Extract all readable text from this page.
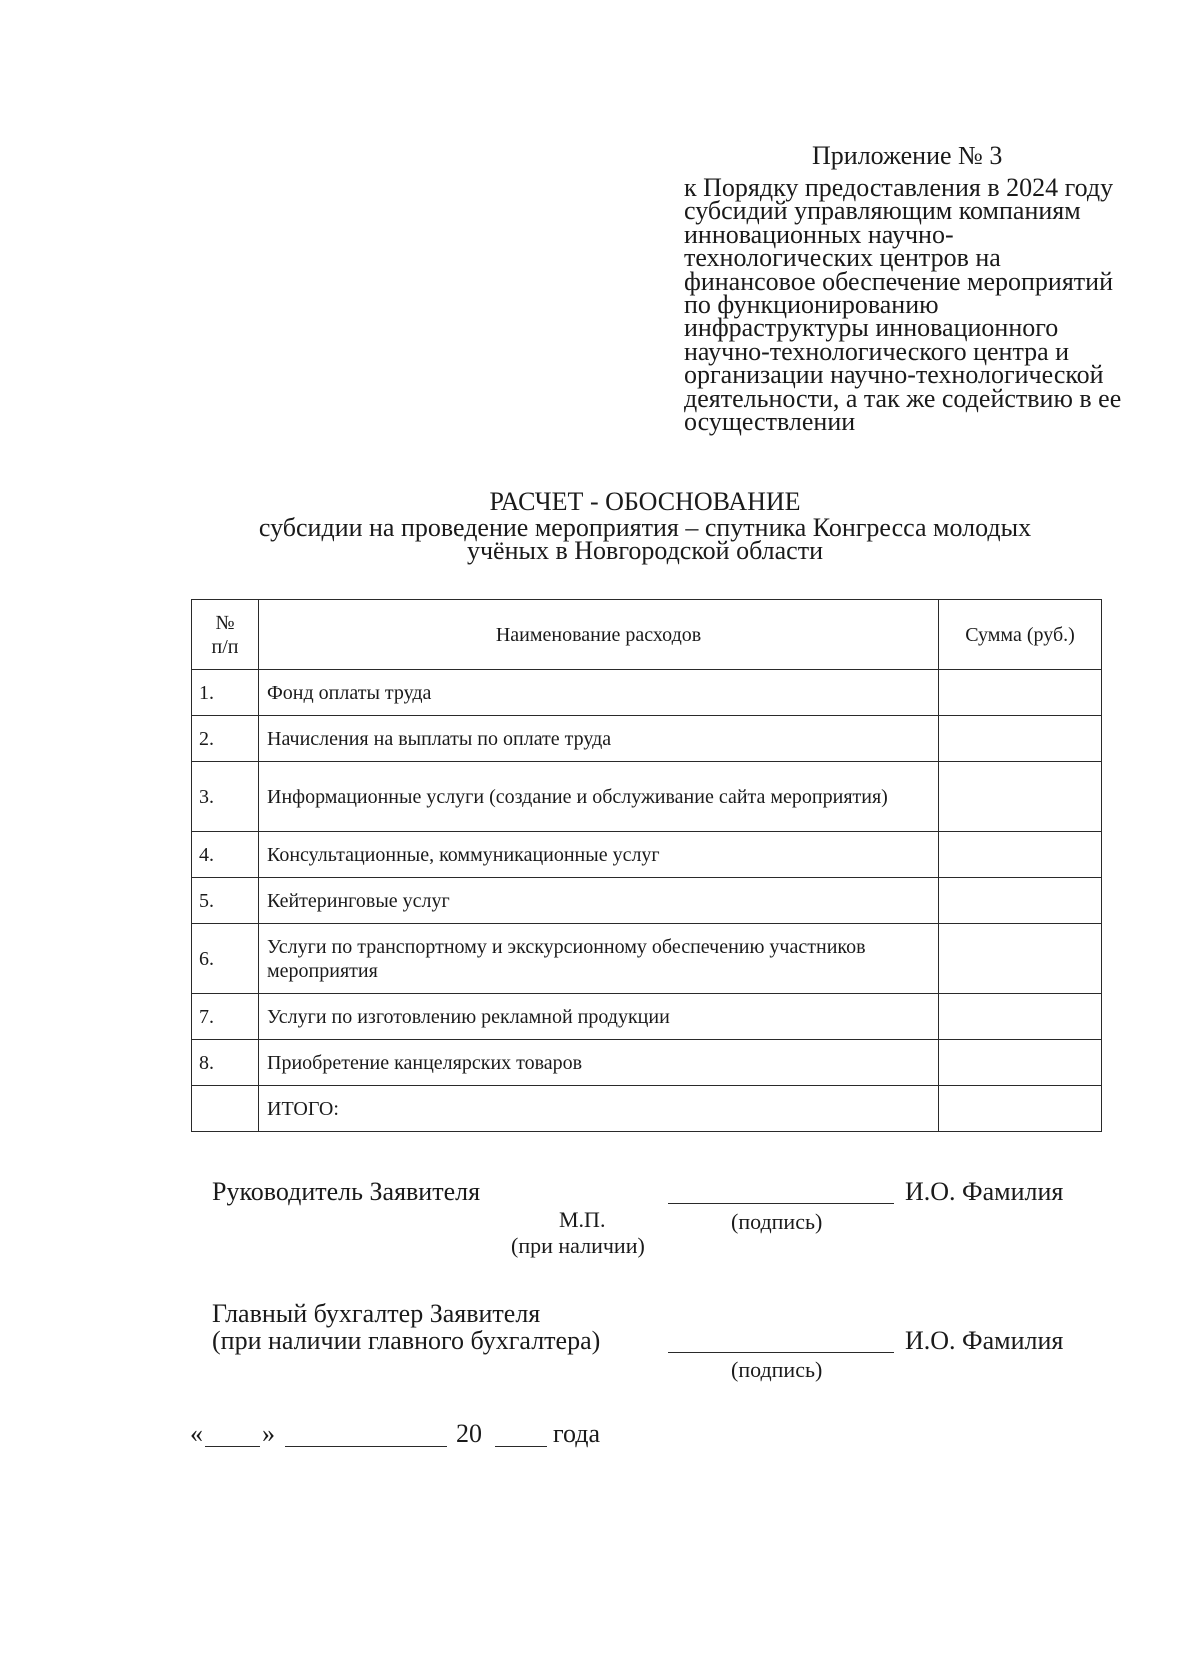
Приложение № 3
к Порядку предоставления в 2024 году
субсидий управляющим компаниям
инновационных научно-
технологических центров на
финансовое обеспечение мероприятий
по функционированию
инфраструктуры инновационного
научно-технологического центра и
организации научно-технологической
деятельности, а так же содействию в ее
осуществлении
РАСЧЕТ - ОБОСНОВАНИЕ
субсидии на проведение мероприятия – спутника Конгресса молодых
учёных в Новгородской области
№
п/п	Наименование расходов	Сумма (руб.)
1.	Фонд оплаты труда	
2.	Начисления на выплаты по оплате труда	
3.	Информационные услуги (создание и обслуживание сайта мероприятия)	
4.	Консультационные, коммуникационные услуг	
5.	Кейтеринговые услуг	
6.	Услуги по транспортному и экскурсионному обеспечению участников мероприятия	
7.	Услуги по изготовлению рекламной продукции	
8.	Приобретение канцелярских товаров	
	ИТОГО:	
Руководитель Заявителя	И.О. Фамилия
М.П.	(подпись)
(при наличии)
Главный бухгалтер Заявителя
(при наличии главного бухгалтера)	И.О. Фамилия
(подпись)
« »	20	года
